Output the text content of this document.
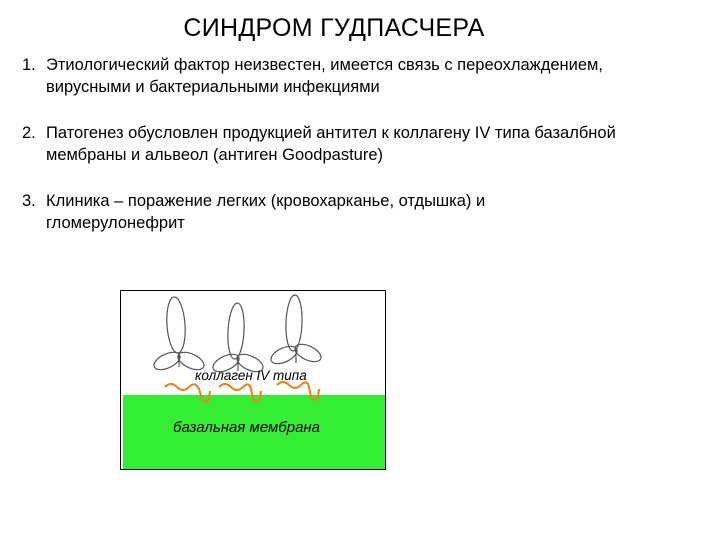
СИНДРОМ ГУДПАСЧЕРА
1. Этиологический фактор неизвестен, имеется связь с переохлаждением,
вирусными и бактериальными инфекциями
2. Патогенез обусловлен продукцией антител к коллагену IV типа базалбной
мембраны и альвеол (антиген Goodpasture)
3. Клиника – поражение легких (кровохарканье, отдышка) и
гломерулонефрит
коллаген IV типа
базальная мембрана
